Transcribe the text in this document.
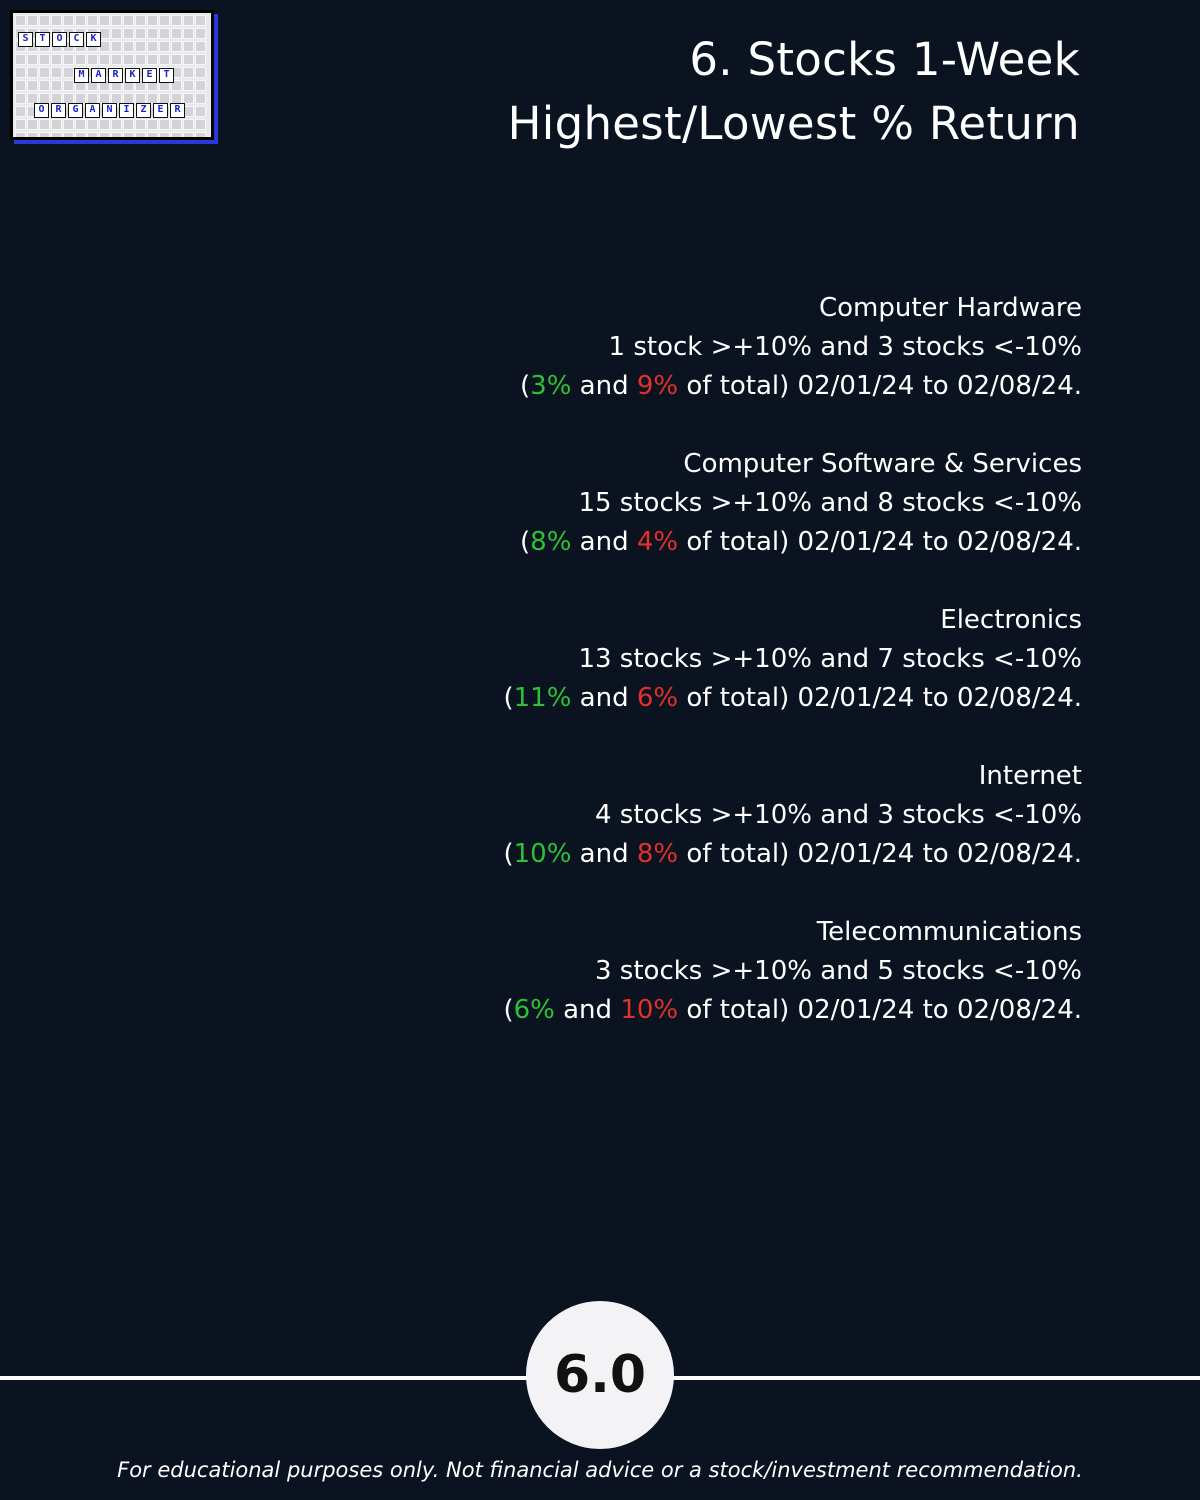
S	T	O	C	K
M	A	R	K	E	T
O	R	G	A	N	I	Z	E	R
6. Stocks 1-Week
Highest/Lowest % Return
Computer Hardware
1 stock >+10% and 3 stocks <-10%
(3% and 9% of total) 02/01/24 to 02/08/24.
Computer Software & Services
15 stocks >+10% and 8 stocks <-10%
(8% and 4% of total) 02/01/24 to 02/08/24.
Electronics
13 stocks >+10% and 7 stocks <-10%
(11% and 6% of total) 02/01/24 to 02/08/24.
Internet
4 stocks >+10% and 3 stocks <-10%
(10% and 8% of total) 02/01/24 to 02/08/24.
Telecommunications
3 stocks >+10% and 5 stocks <-10%
(6% and 10% of total) 02/01/24 to 02/08/24.
6.0
For educational purposes only. Not financial advice or a stock/investment recommendation.
